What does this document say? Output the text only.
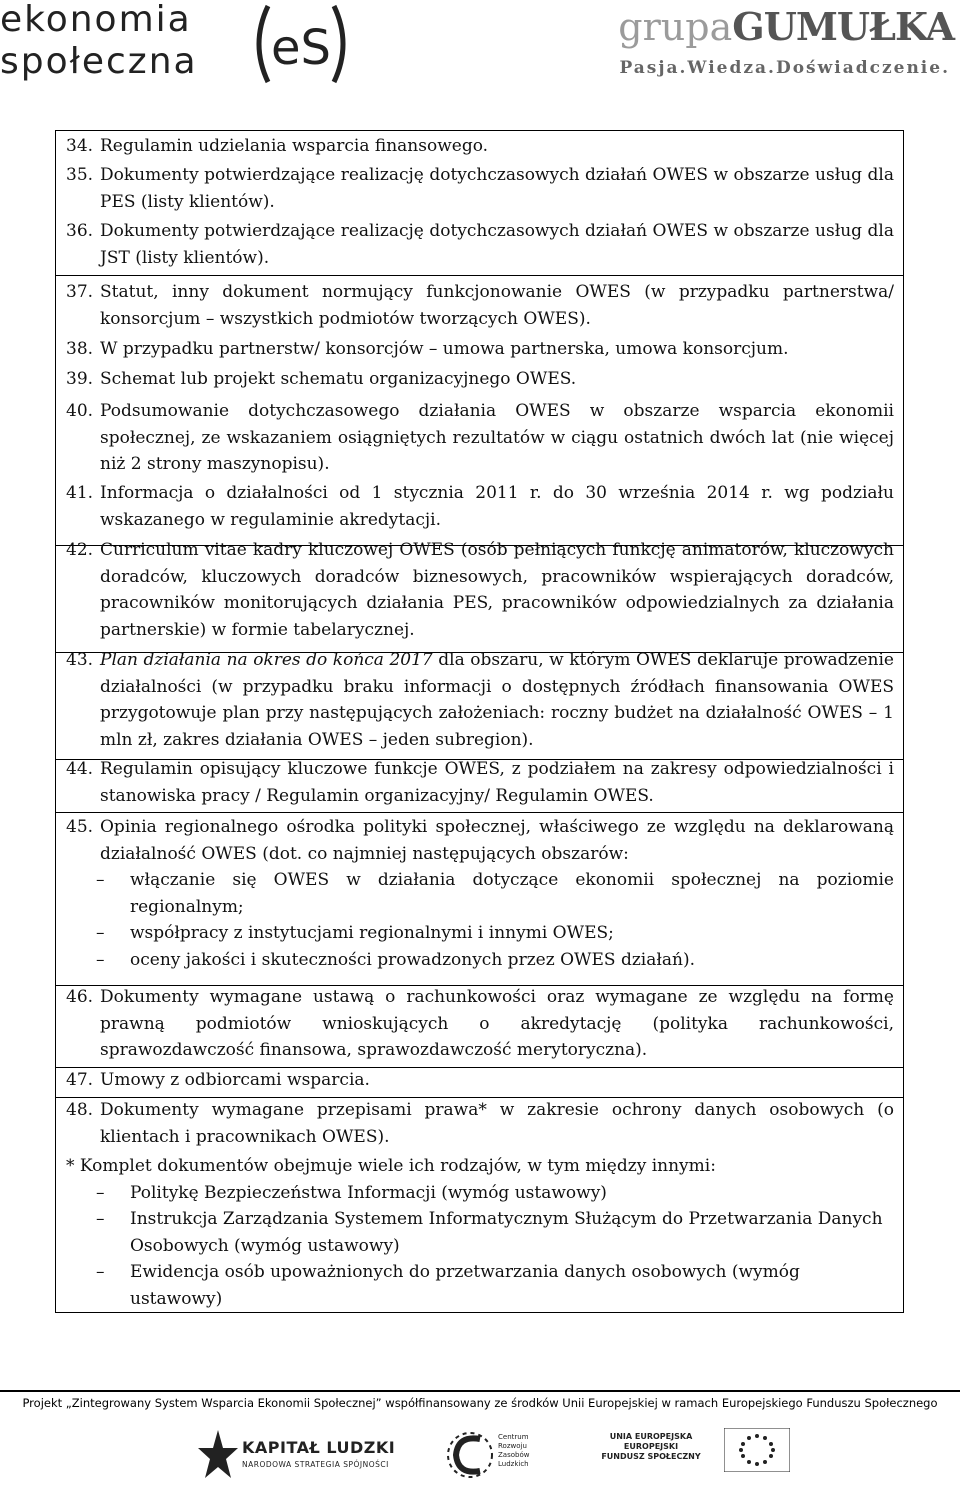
ekonomia
społeczna eS	grupaGUMUŁKA
Pasja.Wiedza.Doświadczenie.
34. Regulamin udzielania wsparcia finansowego.
35. Dokumenty potwierdzające realizację dotychczasowych działań OWES w obszarze usług dla PES (listy klientów).
36. Dokumenty potwierdzające realizację dotychczasowych działań OWES w obszarze usług dla JST (listy klientów).
37. Statut, inny dokument normujący funkcjonowanie OWES (w przypadku partnerstwa/ konsorcjum – wszystkich podmiotów tworzących OWES).
38. W przypadku partnerstw/ konsorcjów – umowa partnerska, umowa konsorcjum.
39. Schemat lub projekt schematu organizacyjnego OWES.
40. Podsumowanie dotychczasowego działania OWES w obszarze wsparcia ekonomii społecznej, ze wskazaniem osiągniętych rezultatów w ciągu ostatnich dwóch lat (nie więcej niż 2 strony maszynopisu).
41. Informacja o działalności od 1 stycznia 2011 r. do 30 września 2014 r. wg podziału wskazanego w regulaminie akredytacji.
42. Curriculum vitae kadry kluczowej OWES (osób pełniących funkcję animatorów, kluczowych doradców, kluczowych doradców biznesowych, pracowników wspierających doradców, pracowników monitorujących działania PES, pracowników odpowiedzialnych za działania partnerskie) w formie tabelarycznej.
43. Plan działania na okres do końca 2017 dla obszaru, w którym OWES deklaruje prowadzenie działalności (w przypadku braku informacji o dostępnych źródłach finansowania OWES przygotowuje plan przy następujących założeniach: roczny budżet na działalność OWES – 1 mln zł, zakres działania OWES – jeden subregion).
44. Regulamin opisujący kluczowe funkcje OWES, z podziałem na zakresy odpowiedzialności i stanowiska pracy / Regulamin organizacyjny/ Regulamin OWES.
45. Opinia regionalnego ośrodka polityki społecznej, właściwego ze względu na deklarowaną działalność OWES (dot. co najmniej następujących obszarów:
– włączanie się OWES w działania dotyczące ekonomii społecznej na poziomie regionalnym;
– współpracy z instytucjami regionalnymi i innymi OWES;
– oceny jakości i skuteczności prowadzonych przez OWES działań).
46. Dokumenty wymagane ustawą o rachunkowości oraz wymagane ze względu na formę prawną podmiotów wnioskujących o akredytację (polityka rachunkowości, sprawozdawczość finansowa, sprawozdawczość merytoryczna).
47. Umowy z odbiorcami wsparcia.
48. Dokumenty wymagane przepisami prawa* w zakresie ochrony danych osobowych (o klientach i pracownikach OWES).
* Komplet dokumentów obejmuje wiele ich rodzajów, w tym między innymi:
– Politykę Bezpieczeństwa Informacji (wymóg ustawowy)
– Instrukcja Zarządzania Systemem Informatycznym Służącym do Przetwarzania Danych Osobowych (wymóg ustawowy)
– Ewidencja osób upoważnionych do przetwarzania danych osobowych (wymóg ustawowy)
Projekt „Zintegrowany System Wsparcia Ekonomii Społecznej” współfinansowany ze środków Unii Europejskiej w ramach Europejskiego Funduszu Społecznego
KAPITAŁ LUDZKI
NARODOWA STRATEGIA SPÓJNOŚCI
Centrum
Rozwoju
Zasobów
Ludzkich
UNIA EUROPEJSKA
EUROPEJSKI
FUNDUSZ SPOŁECZNY
